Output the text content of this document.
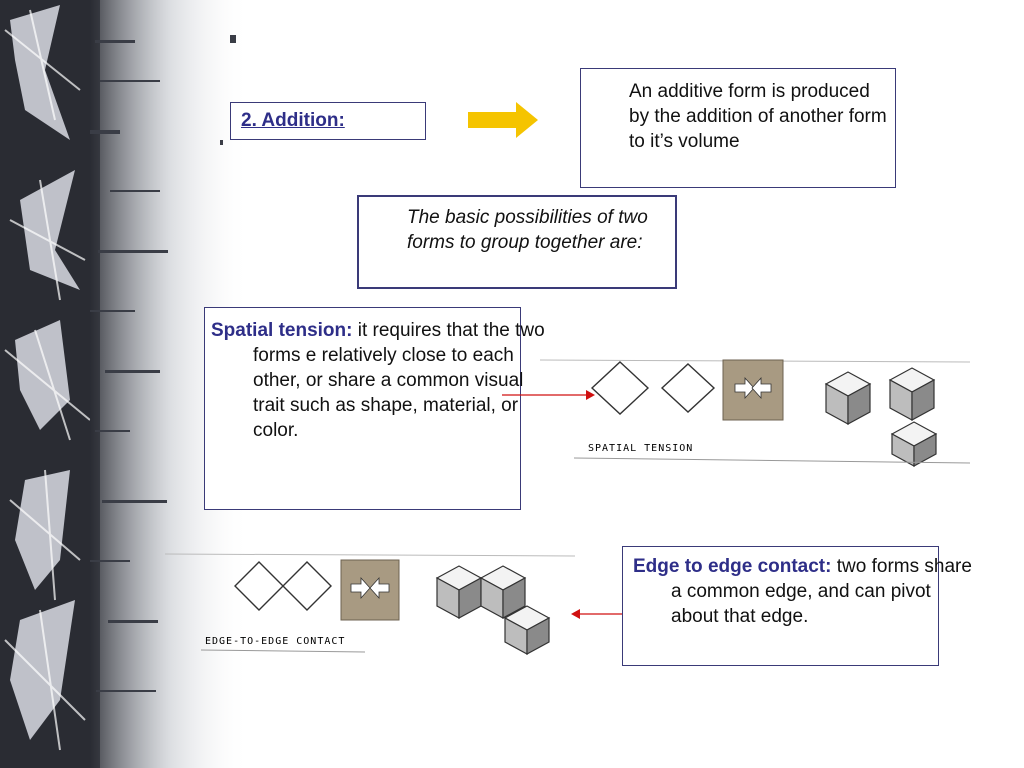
2. Addition:
An additive form is produced by the addition of another form to it’s volume
The basic possibilities of two forms to group together are:
Spatial tension: it requires that the two forms e relatively close to each other, or share a common visual trait such as shape, material, or color.
SPATIAL TENSION
EDGE-TO-EDGE CONTACT
Edge to edge contact: two forms share a common edge, and can pivot about that edge.
